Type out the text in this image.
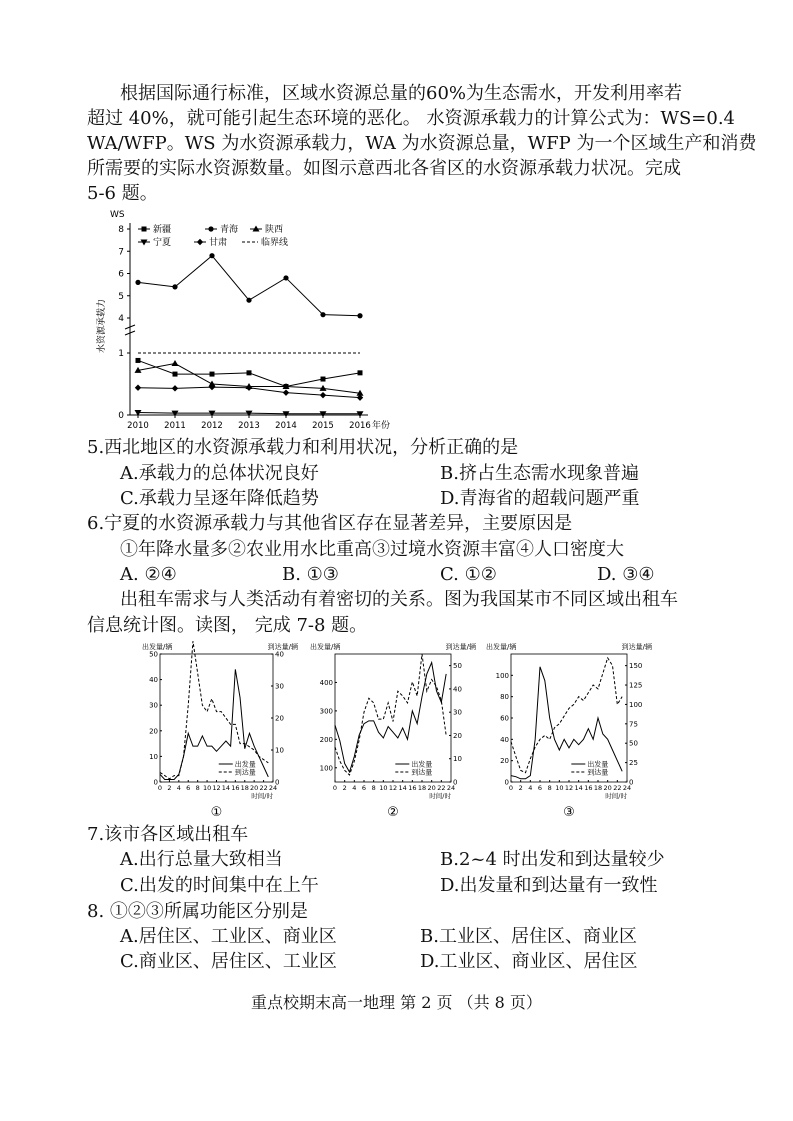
根据国际通行标准，区域水资源总量的60%为生态需水，开发利用率若
超过 40%，就可能引起生态环境的恶化。 水资源承载力的计算公式为：WS=0.4
WA/WFP。WS 为水资源承载力，WA 为水资源总量，WFP 为一个区域生产和消费
所需要的实际水资源数量。如图示意西北各省区的水资源承载力状况。完成
5-6 题。
WS
水资源承载力
年份
8
7
6
5
4
1
0
2010 2011 2012 2013 2014 2015 2016
新疆	青海	陕西
宁夏	甘肃	临界线
5.西北地区的水资源承载力和利用状况，分析正确的是
A.承载力的总体状况良好	B.挤占生态需水现象普遍
C.承载力呈逐年降低趋势	D.青海省的超载问题严重
6.宁夏的水资源承载力与其他省区存在显著差异，主要原因是
①年降水量多②农业用水比重高③过境水资源丰富④人口密度大
A. ②④	B. ①③	C. ①②	D. ③④
出租车需求与人类活动有着密切的关系。图为我国某市不同区域出租车
信息统计图。读图， 完成 7-8 题。
出发量/辆	到达量/辆
0
10
20
30
40
50
0
10
20
30
40
0 2 4 6 8 10 12 14 16 18 20 22 24
时间/时
出发量
到达量
①
出发量/辆	到达量/辆
100
200
300
400
0
10
20
30
40
50
0 2 4 6 8 10 12 14 16 18 20 22 24
时间/时
出发量
到达量
②
出发量/辆	到达量/辆
0
20
40
60
80
100
0
25
50
75
100
125
150
0 2 4 6 8 10 12 14 16 18 20 22 24
时间/时
出发量
到达量
③
7.该市各区域出租车
A.出行总量大致相当	B.2~4 时出发和到达量较少
C.出发的时间集中在上午	D.出发量和到达量有一致性
8. ①②③所属功能区分别是
A.居住区、工业区、商业区	B.工业区、居住区、商业区
C.商业区、居住区、工业区	D.工业区、商业区、居住区
重点校期末高一地理 第 2 页 （共 8 页）
